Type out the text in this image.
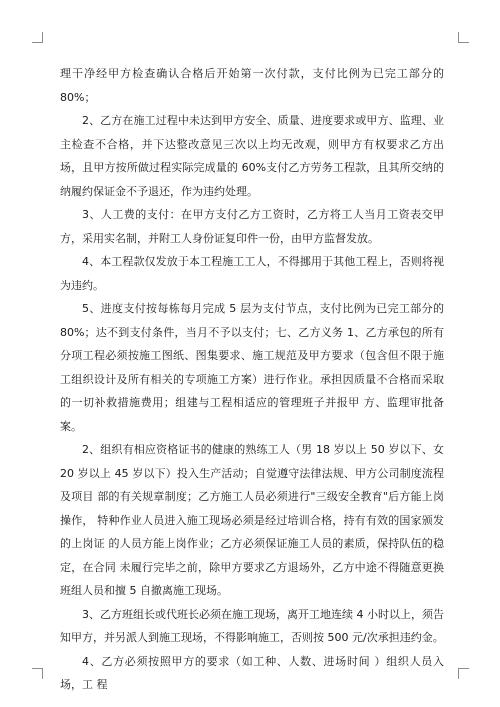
理干净经甲方检查确认合格后开始第一次付款，支付比例为已完工部分的 80%；

2、乙方在施工过程中未达到甲方安全、质量、进度要求或甲方、监理、业主检查不合格，并下达整改意见三次以上均无改观，则甲方有权要求乙方出场，且甲方按所做过程实际完成量的 60%支付乙方劳务工程款，且其所交纳的纳履约保证金不予退还，作为违约处理。

3、人工费的支付：在甲方支付乙方工资时，乙方将工人当月工资表交甲方，采用实名制，并附工人身份证复印件一份，由甲方监督发放。

4、本工程款仅发放于本工程施工工人，不得挪用于其他工程上，否则将视为违约。

5、进度支付按每栋每月完成 5 层为支付节点，支付比例为已完工部分的 80%；达不到支付条件，当月不予以支付；七、乙方义务 1、乙方承包的所有分项工程必须按施工图纸、图集要求、施工规范及甲方要求（包含但不限于施工组织设计及所有相关的专项施工方案）进行作业。承担因质量不合格而采取的一切补救措施费用；组建与工程相适应的管理班子并报甲 方、监理审批备案。

2、组织有相应资格证书的健康的熟练工人（男 18 岁以上 50 岁以下、女 20 岁以上 45 岁以下）投入生产活动；自觉遵守法律法规、甲方公司制度流程及项目 部的有关规章制度；乙方施工人员必须进行"三级安全教育"后方能上岗操作， 特种作业人员进入施工现场必须是经过培训合格，持有有效的国家颁发的上岗证 的人员方能上岗作业；乙方必须保证施工人员的素质，保持队伍的稳定，在合同 未履行完毕之前，除甲方要求乙方退场外，乙方中途不得随意更换班组人员和擅 5 自撤离施工现场。

3、乙方班组长或代班长必须在施工现场，离开工地连续 4 小时以上，须告 知甲方，并另派人到施工现场，不得影响施工，否则按 500 元/次承担违约金。

4、乙方必须按照甲方的要求（如工种、人数、进场时间 ）组织人员入场，工 程
